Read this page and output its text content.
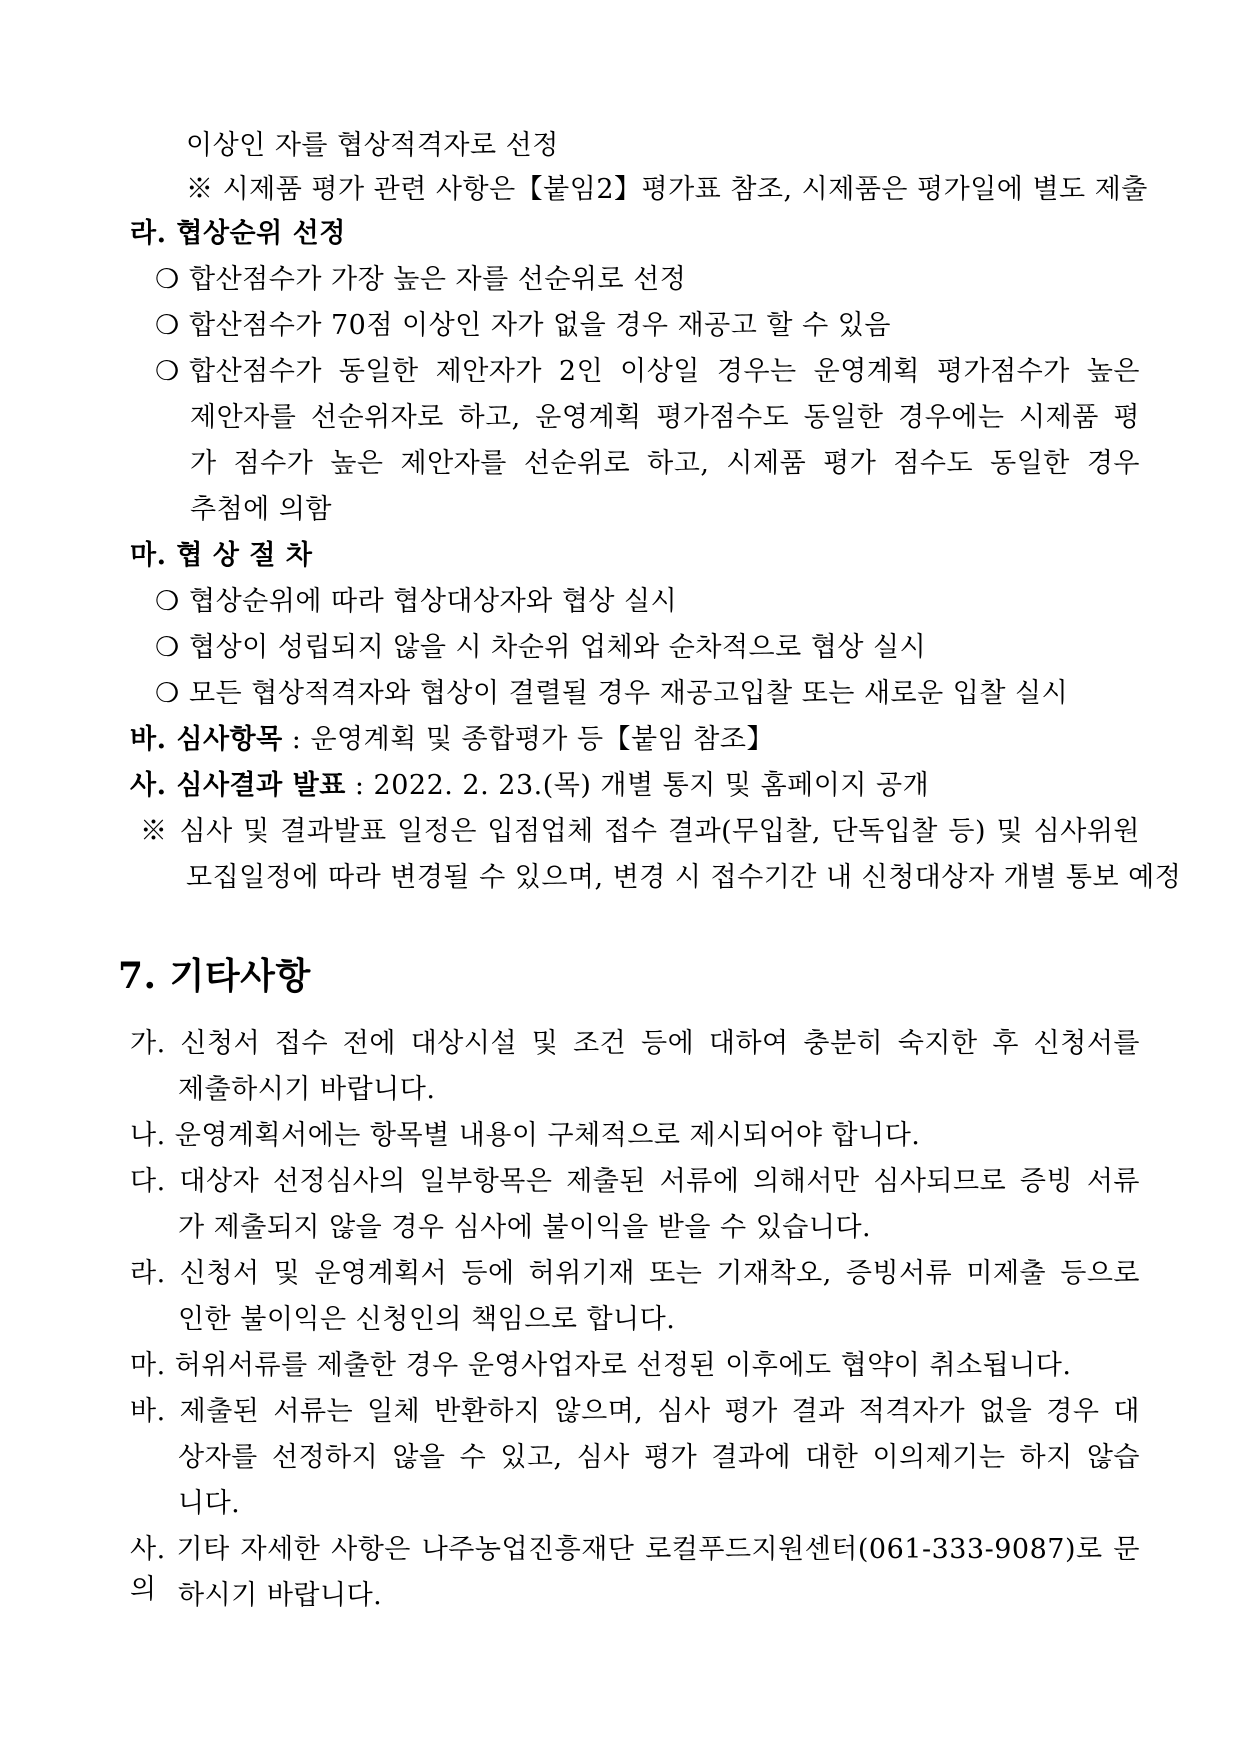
이상인 자를 협상적격자로 선정
※ 시제품 평가 관련 사항은【붙임2】평가표 참조, 시제품은 평가일에 별도 제출
라. 협상순위 선정
❍ 합산점수가 가장 높은 자를 선순위로 선정
❍ 합산점수가 70점 이상인 자가 없을 경우 재공고 할 수 있음
❍ 합산점수가 동일한 제안자가 2인 이상일 경우는 운영계획 평가점수가 높은
제안자를 선순위자로 하고, 운영계획 평가점수도 동일한 경우에는 시제품 평
가 점수가 높은 제안자를 선순위로 하고, 시제품 평가 점수도 동일한 경우
추첨에 의함
마. 협 상 절 차
❍ 협상순위에 따라 협상대상자와 협상 실시
❍ 협상이 성립되지 않을 시 차순위 업체와 순차적으로 협상 실시
❍ 모든 협상적격자와 협상이 결렬될 경우 재공고입찰 또는 새로운 입찰 실시
바. 심사항목 : 운영계획 및 종합평가 등【붙임 참조】
사. 심사결과 발표 : 2022. 2. 23.(목) 개별 통지 및 홈페이지 공개
※ 심사 및 결과발표 일정은 입점업체 접수 결과(무입찰, 단독입찰 등) 및 심사위원
모집일정에 따라 변경될 수 있으며, 변경 시 접수기간 내 신청대상자 개별 통보 예정
7. 기타사항
가. 신청서 접수 전에 대상시설 및 조건 등에 대하여 충분히 숙지한 후 신청서를
제출하시기 바랍니다.
나. 운영계획서에는 항목별 내용이 구체적으로 제시되어야 합니다.
다. 대상자 선정심사의 일부항목은 제출된 서류에 의해서만 심사되므로 증빙 서류
가 제출되지 않을 경우 심사에 불이익을 받을 수 있습니다.
라. 신청서 및 운영계획서 등에 허위기재 또는 기재착오, 증빙서류 미제출 등으로
인한 불이익은 신청인의 책임으로 합니다.
마. 허위서류를 제출한 경우 운영사업자로 선정된 이후에도 협약이 취소됩니다.
바. 제출된 서류는 일체 반환하지 않으며, 심사 평가 결과 적격자가 없을 경우 대
상자를 선정하지 않을 수 있고, 심사 평가 결과에 대한 이의제기는 하지 않습
니다.
사. 기타 자세한 사항은 나주농업진흥재단 로컬푸드지원센터(061-333-9087)로 문의 하시기 바랍니다.
